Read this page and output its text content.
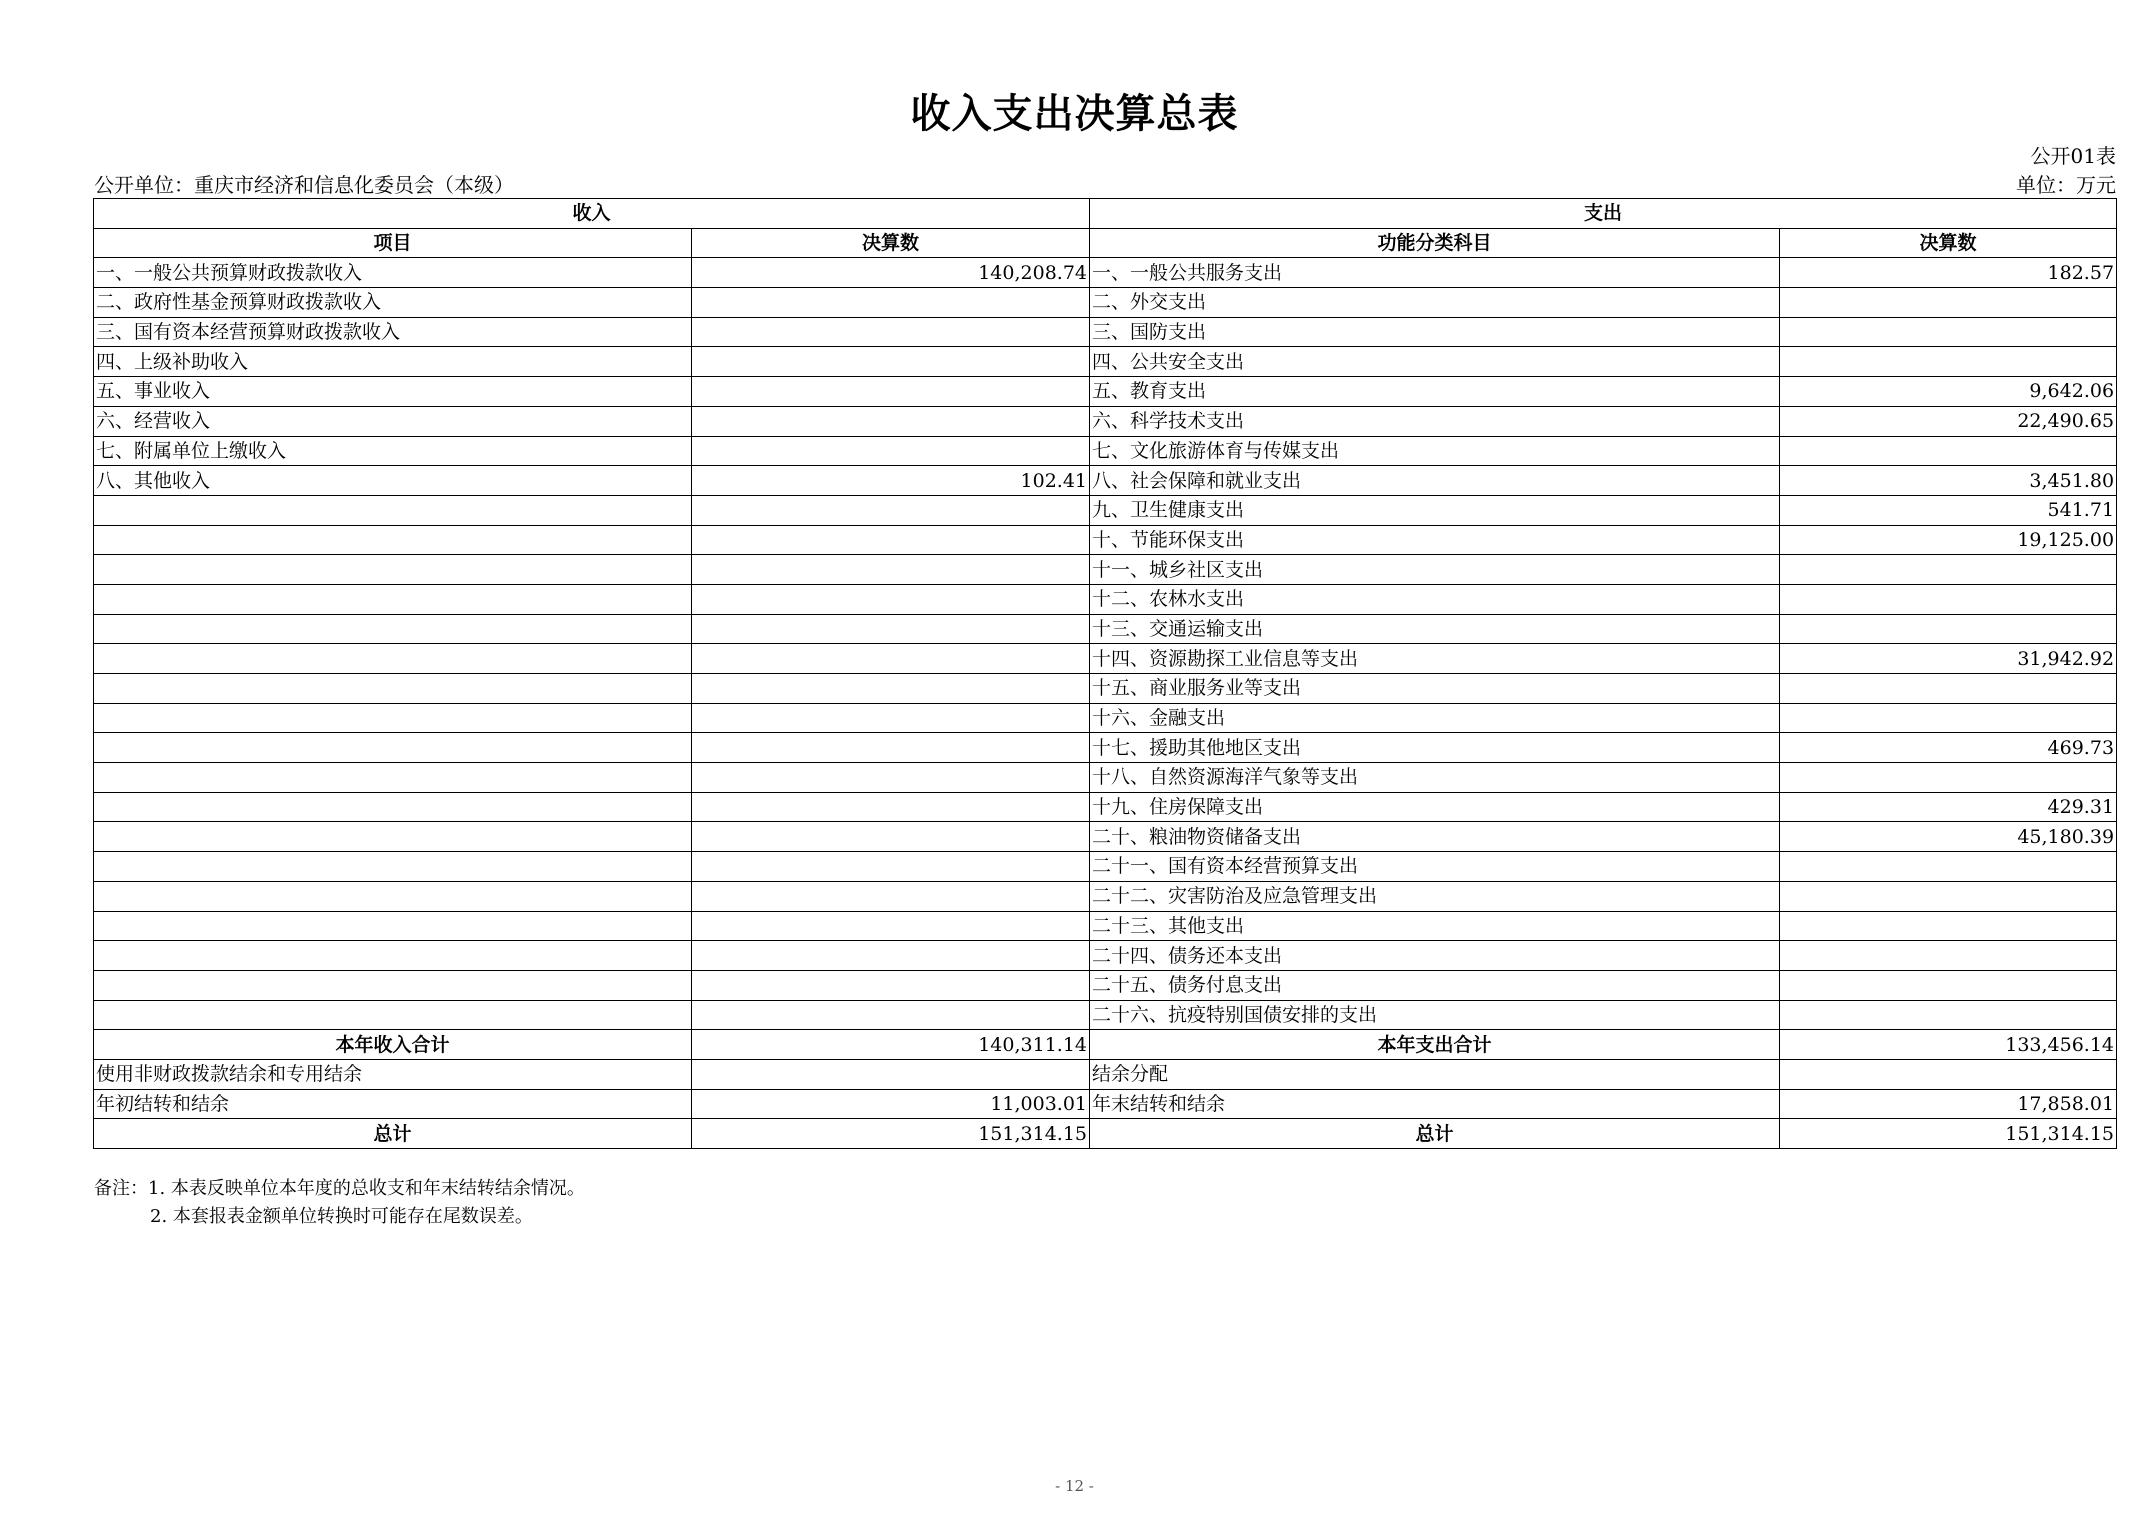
收入支出决算总表
公开01表
公开单位：重庆市经济和信息化委员会（本级）	单位：万元
收入		支出	
项目	决算数	功能分类科目	决算数
一、一般公共预算财政拨款收入	140,208.74	一、一般公共服务支出	182.57
二、政府性基金预算财政拨款收入		二、外交支出	
三、国有资本经营预算财政拨款收入		三、国防支出	
四、上级补助收入		四、公共安全支出	
五、事业收入		五、教育支出	9,642.06
六、经营收入		六、科学技术支出	22,490.65
七、附属单位上缴收入		七、文化旅游体育与传媒支出	
八、其他收入	102.41	八、社会保障和就业支出	3,451.80
		九、卫生健康支出	541.71
		十、节能环保支出	19,125.00
		十一、城乡社区支出	
		十二、农林水支出	
		十三、交通运输支出	
		十四、资源勘探工业信息等支出	31,942.92
		十五、商业服务业等支出	
		十六、金融支出	
		十七、援助其他地区支出	469.73
		十八、自然资源海洋气象等支出	
		十九、住房保障支出	429.31
		二十、粮油物资储备支出	45,180.39
		二十一、国有资本经营预算支出	
		二十二、灾害防治及应急管理支出	
		二十三、其他支出	
		二十四、债务还本支出	
		二十五、债务付息支出	
		二十六、抗疫特别国债安排的支出	
本年收入合计	140,311.14	本年支出合计	133,456.14
使用非财政拨款结余和专用结余		结余分配	
年初结转和结余	11,003.01	年末结转和结余	17,858.01
总计	151,314.15	总计	151,314.15
备注：1. 本表反映单位本年度的总收支和年末结转结余情况。
2. 本套报表金额单位转换时可能存在尾数误差。
- 12 -
